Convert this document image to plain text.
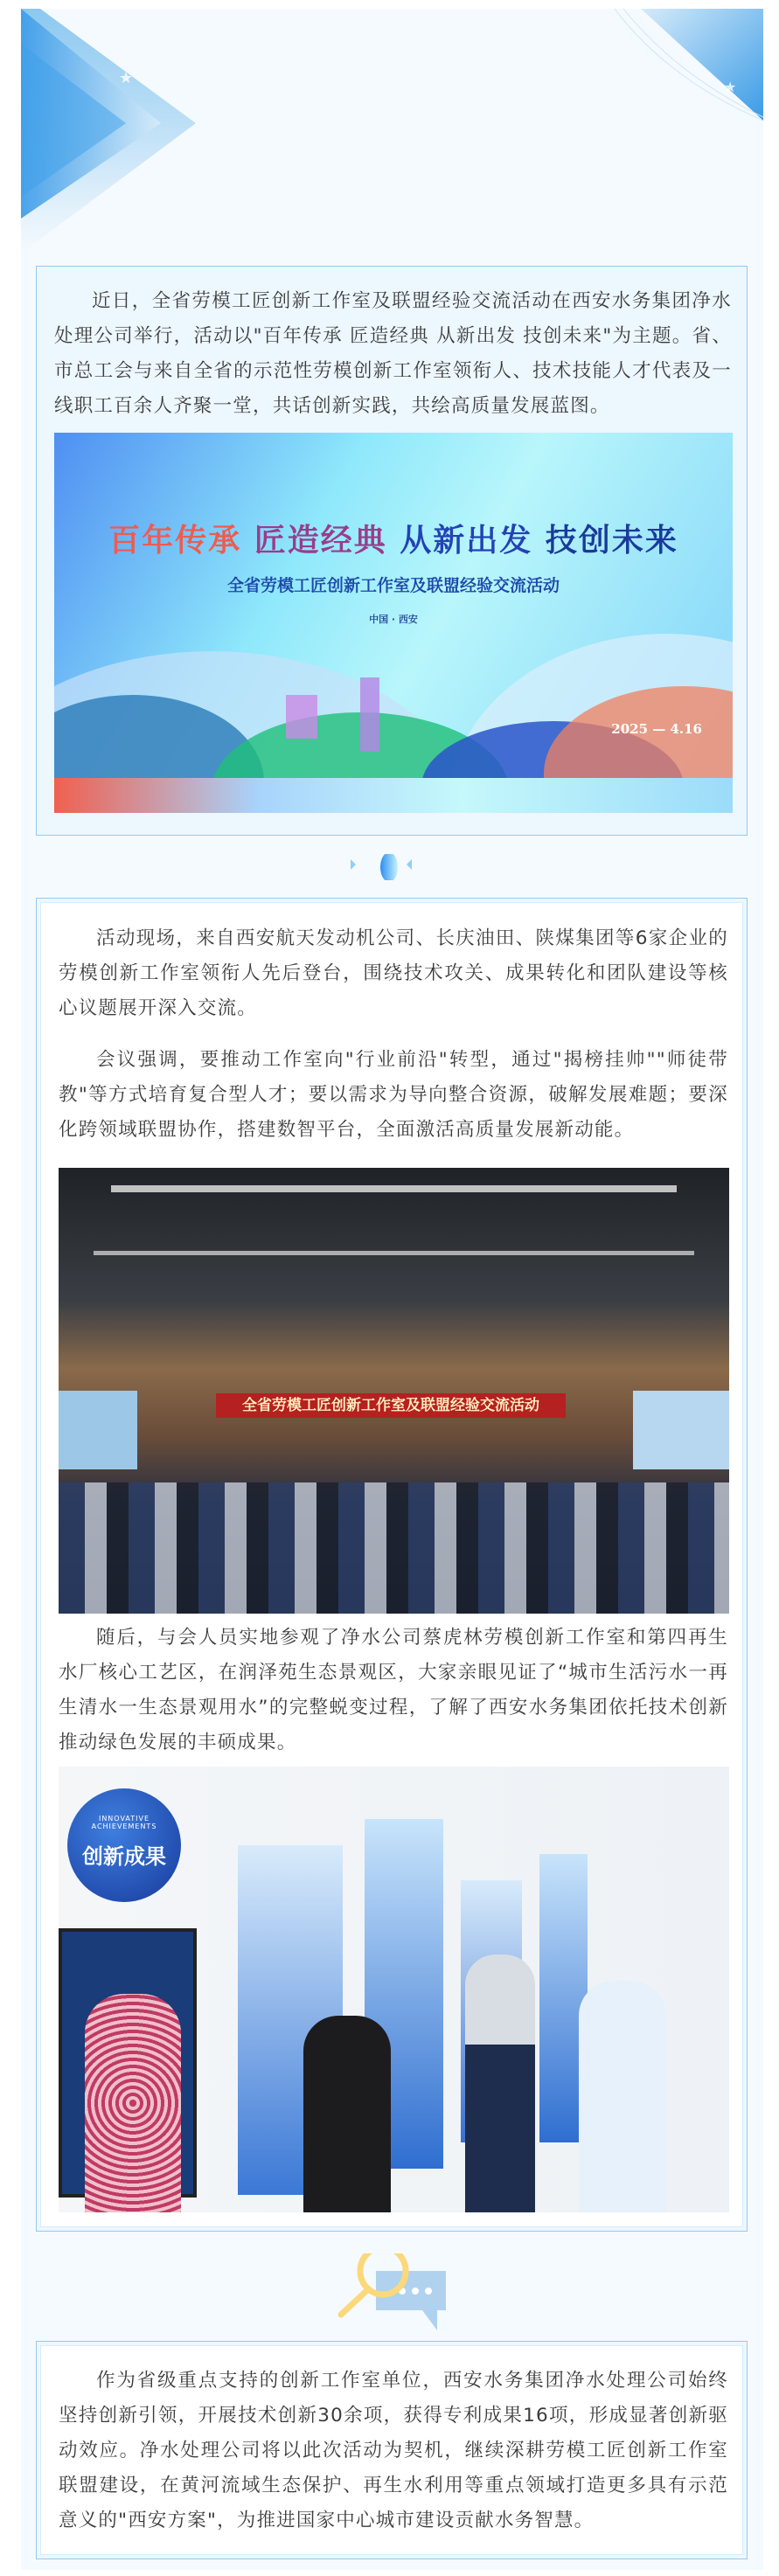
★	★

近日，全省劳模工匠创新工作室及联盟经验交流活动在西安水务集团净水处理公司举行，活动以"百年传承 匠造经典 从新出发 技创未来"为主题。省、市总工会与来自全省的示范性劳模创新工作室领衔人、技术技能人才代表及一线职工百余人齐聚一堂，共话创新实践，共绘高质量发展蓝图。

百年传承 匠造经典 从新出发 技创未来
全省劳模工匠创新工作室及联盟经验交流活动
中国 · 西安
2025 — 4.16

活动现场，来自西安航天发动机公司、长庆油田、陕煤集团等6家企业的劳模创新工作室领衔人先后登台，围绕技术攻关、成果转化和团队建设等核心议题展开深入交流。

会议强调，要推动工作室向"行业前沿"转型，通过"揭榜挂帅""师徒带教"等方式培育复合型人才；要以需求为导向整合资源，破解发展难题；要深化跨领域联盟协作，搭建数智平台，全面激活高质量发展新动能。

全省劳模工匠创新工作室及联盟经验交流活动

随后，与会人员实地参观了净水公司蔡虎林劳模创新工作室和第四再生水厂核心工艺区，在润泽苑生态景观区，大家亲眼见证了“城市生活污水一再生清水一生态景观用水”的完整蜕变过程，了解了西安水务集团依托技术创新推动绿色发展的丰硕成果。

INNOVATIVE ACHIEVEMENTS
创新成果

作为省级重点支持的创新工作室单位，西安水务集团净水处理公司始终坚持创新引领，开展技术创新30余项，获得专利成果16项，形成显著创新驱动效应。净水处理公司将以此次活动为契机，继续深耕劳模工匠创新工作室联盟建设，在黄河流域生态保护、再生水利用等重点领域打造更多具有示范意义的"西安方案"，为推进国家中心城市建设贡献水务智慧。
